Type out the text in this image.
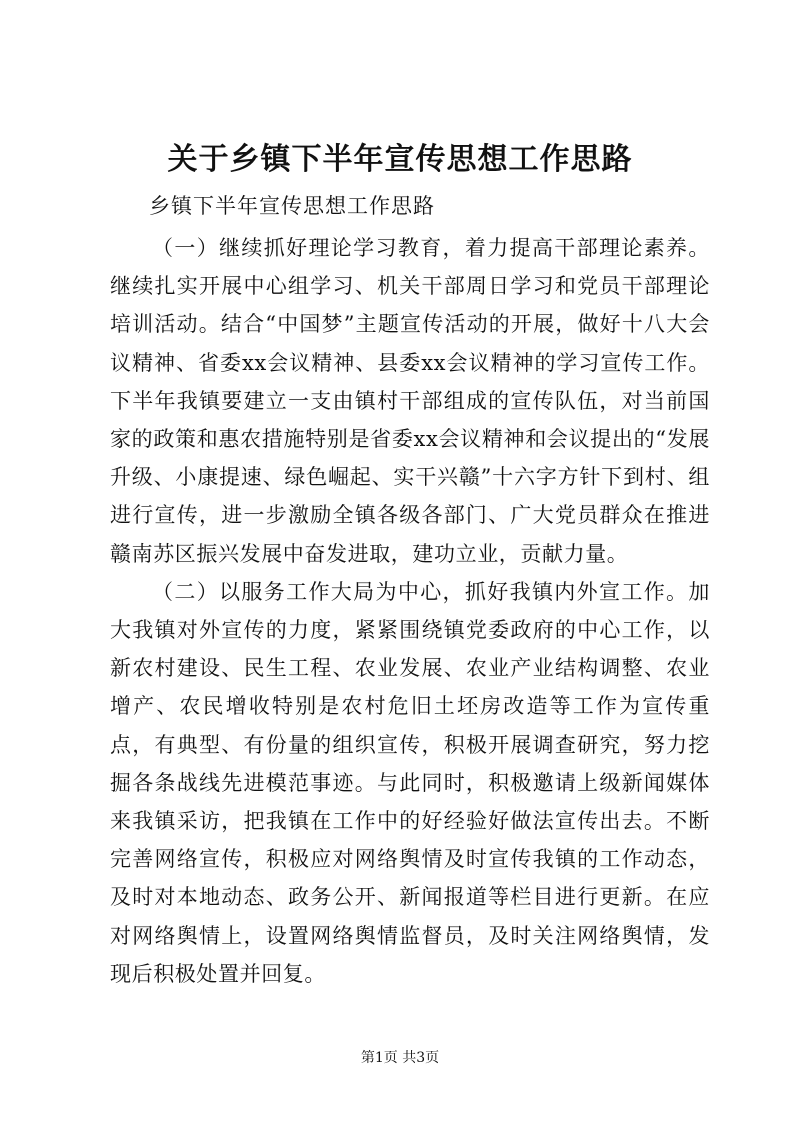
关于乡镇下半年宣传思想工作思路

乡镇下半年宣传思想工作思路

（一）继续抓好理论学习教育，着力提高干部理论素养。继续扎实开展中心组学习、机关干部周日学习和党员干部理论培训活动。结合“中国梦”主题宣传活动的开展，做好十八大会议精神、省委xx会议精神、县委xx会议精神的学习宣传工作。下半年我镇要建立一支由镇村干部组成的宣传队伍，对当前国家的政策和惠农措施特别是省委xx会议精神和会议提出的“发展升级、小康提速、绿色崛起、实干兴赣”十六字方针下到村、组进行宣传，进一步激励全镇各级各部门、广大党员群众在推进赣南苏区振兴发展中奋发进取，建功立业，贡献力量。

（二）以服务工作大局为中心，抓好我镇内外宣工作。加大我镇对外宣传的力度，紧紧围绕镇党委政府的中心工作，以新农村建设、民生工程、农业发展、农业产业结构调整、农业增产、农民增收特别是农村危旧土坯房改造等工作为宣传重点，有典型、有份量的组织宣传，积极开展调查研究，努力挖掘各条战线先进模范事迹。与此同时，积极邀请上级新闻媒体来我镇采访，把我镇在工作中的好经验好做法宣传出去。不断完善网络宣传，积极应对网络舆情及时宣传我镇的工作动态，及时对本地动态、政务公开、新闻报道等栏目进行更新。在应对网络舆情上，设置网络舆情监督员，及时关注网络舆情，发现后积极处置并回复。

第1页 共3页
